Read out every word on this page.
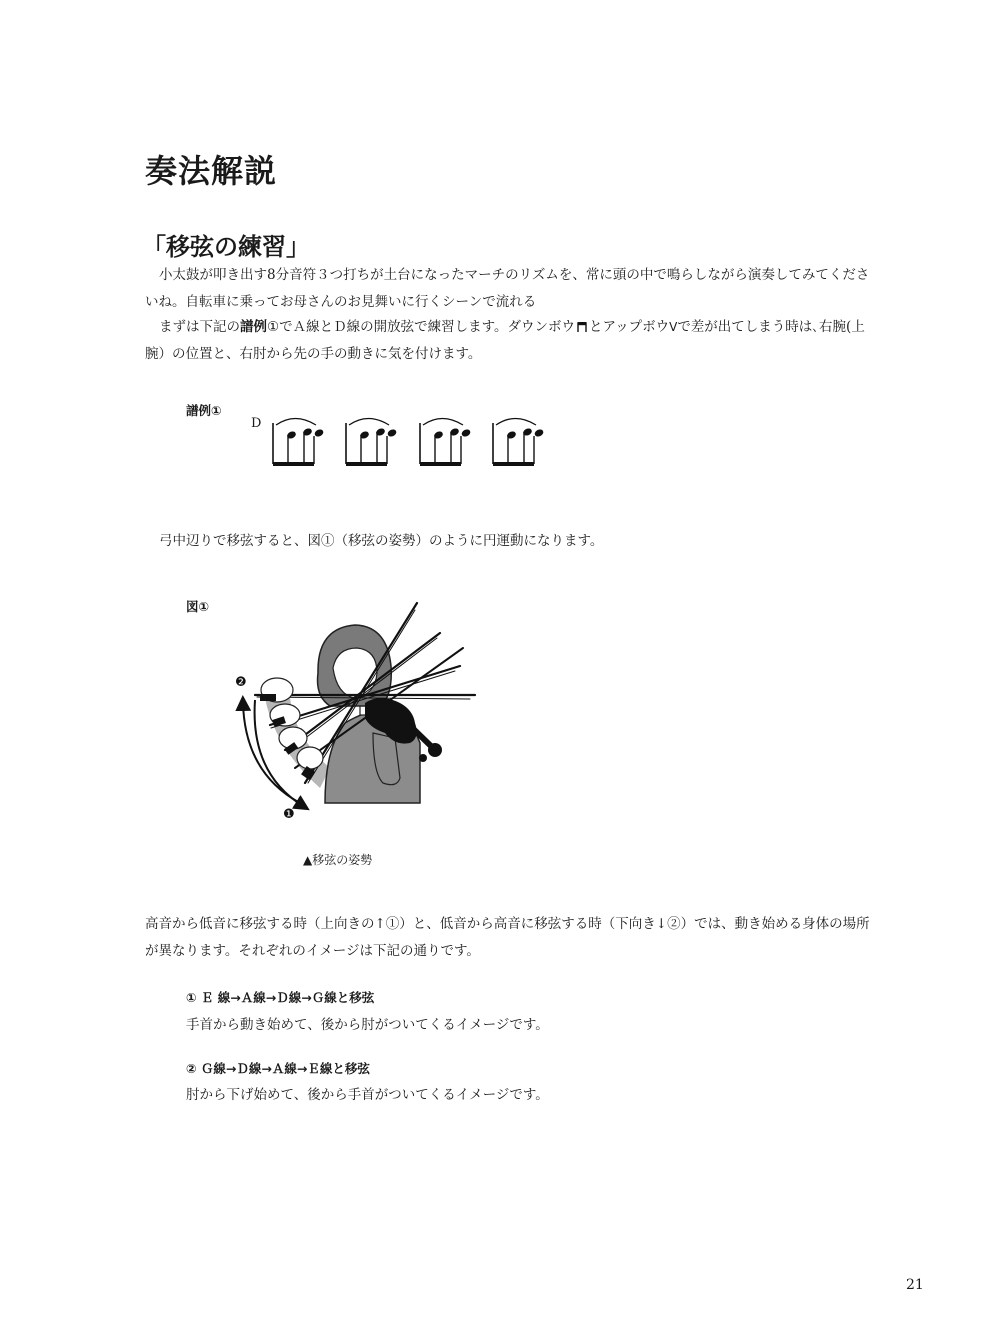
奏法解説
「移弦の練習」
小太鼓が叩き出す8分音符３つ打ちが土台になったマーチのリズムを、常に頭の中で鳴らしながら演奏してみてくださいね。自転車に乗ってお母さんのお見舞いに行くシーンで流れる
まずは下記の譜例①でＡ線とＤ線の開放弦で練習します。ダウンボウ とアップボウVで差が出てしまう時は､右腕(上腕）の位置と、右肘から先の手の動きに気を付けます。
譜例①
D
弓中辺りで移弦すると、図①（移弦の姿勢）のように円運動になります。
図①
❷
❶
▲移弦の姿勢
高音から低音に移弦する時（上向きの↑①）と、低音から高音に移弦する時（下向き↓②）では、動き始める身体の場所が異なります。それぞれのイメージは下記の通りです。
① Ｅ 線→Ａ線→Ｄ線→Ｇ線と移弦
手首から動き始めて、後から肘がついてくるイメージです。
② Ｇ線→Ｄ線→Ａ線→Ｅ線と移弦
肘から下げ始めて、後から手首がついてくるイメージです。
21
